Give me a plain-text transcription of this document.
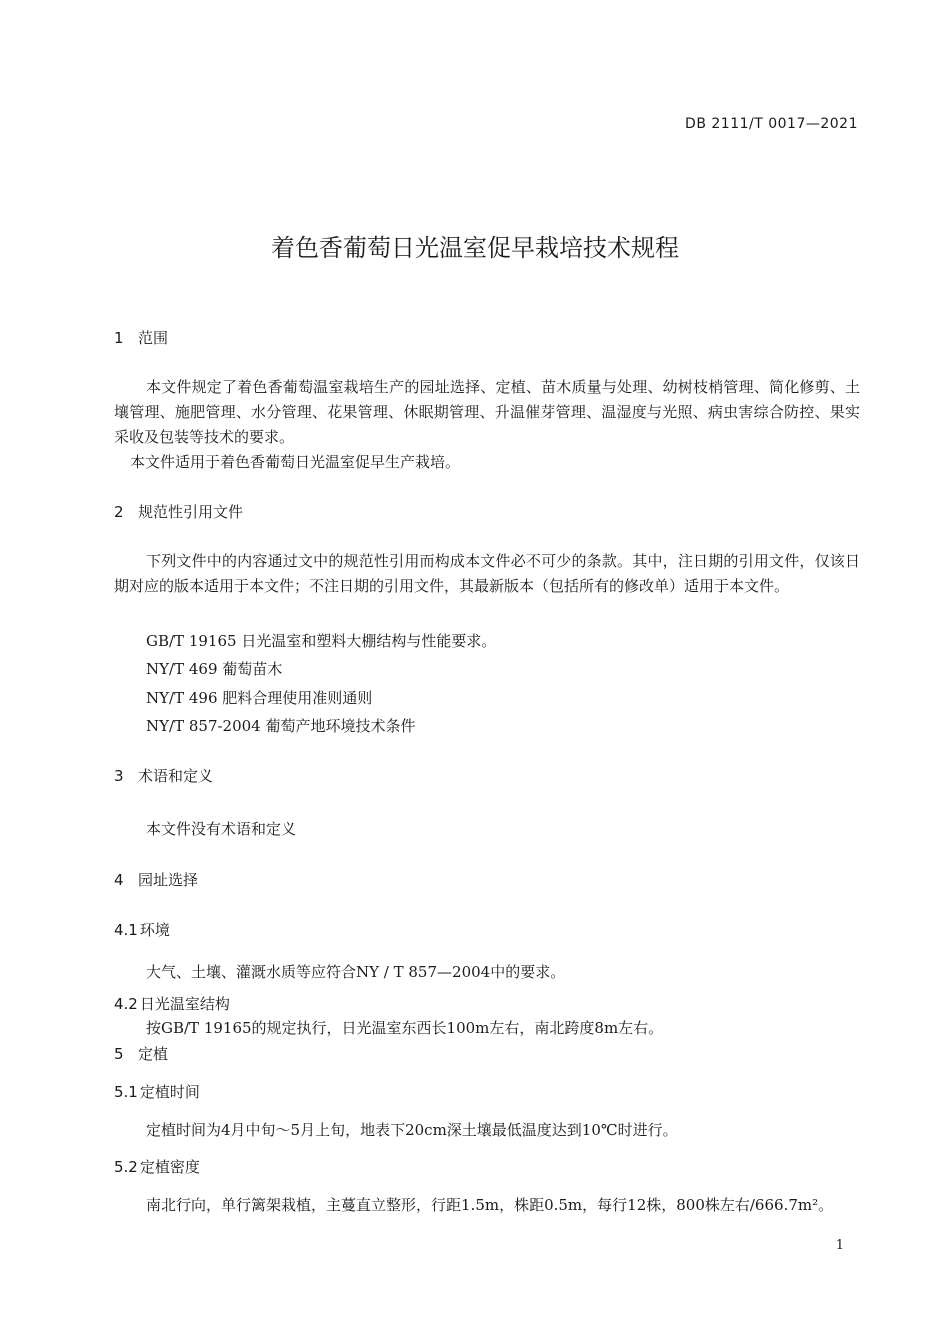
DB 2111/T 0017—2021
着色香葡萄日光温室促早栽培技术规程
1 范围
本文件规定了着色香葡萄温室栽培生产的园址选择、定植、苗木质量与处理、幼树枝梢管理、简化修剪、土壤管理、施肥管理、水分管理、花果管理、休眠期管理、升温催芽管理、温湿度与光照、病虫害综合防控、果实采收及包装等技术的要求。
本文件适用于着色香葡萄日光温室促早生产栽培。
2 规范性引用文件
下列文件中的内容通过文中的规范性引用而构成本文件必不可少的条款。其中，注日期的引用文件，仅该日期对应的版本适用于本文件；不注日期的引用文件，其最新版本（包括所有的修改单）适用于本文件。
GB/T 19165 日光温室和塑料大棚结构与性能要求。
NY/T 469 葡萄苗木
NY/T 496 肥料合理使用准则通则
NY/T 857-2004 葡萄产地环境技术条件
3 术语和定义
本文件没有术语和定义
4 园址选择
4.1 环境
大气、土壤、灌溉水质等应符合NY / T 857—2004中的要求。
4.2 日光温室结构
按GB/T 19165的规定执行，日光温室东西长100m左右，南北跨度8m左右。
5 定植
5.1 定植时间
定植时间为4月中旬～5月上旬，地表下20cm深土壤最低温度达到10℃时进行。
5.2 定植密度
南北行向，单行篱架栽植，主蔓直立整形，行距1.5m，株距0.5m，每行12株，800株左右/666.7m²。
1
